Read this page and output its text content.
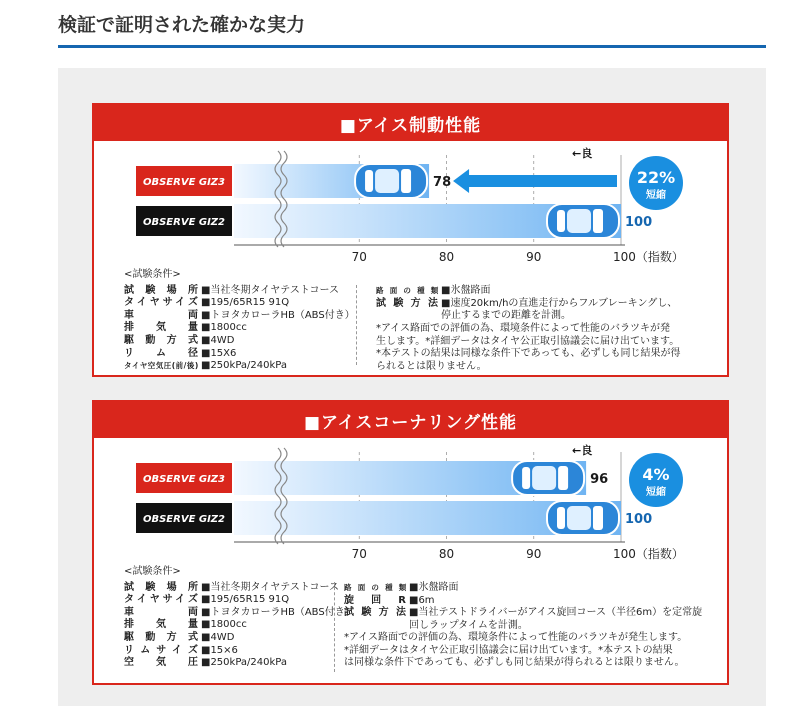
検証で証明された確かな実力
■アイス制動性能
OBSERVE GIZ3
OBSERVE GIZ2
78
100
←良
22%
短縮
70	80	90	100（指数）
<試験条件>
試 験 場 所 ■当社冬期タイヤテストコース
タイヤサイズ ■195/65R15 91Q
車　　両 ■トヨタカローラHB（ABS付き）
排　気　量 ■1800cc
駆 動 方 式 ■4WD
リ　ム　径 ■15X6
タイヤ空気圧(前/後) ■250kPa/240kPa
路 面 の 種 類 ■氷盤路面
試 験 方 法 ■速度20km/hの直進走行からフルブレーキングし、
停止するまでの距離を計測。
*アイス路面での評価の為、環境条件によって性能のバラツキが発
生します。*詳細データはタイヤ公正取引協議会に届け出ています。
*本テストの結果は同様な条件下であっても、必ずしも同じ結果が得
られるとは限りません。
■アイスコーナリング性能
OBSERVE GIZ3
OBSERVE GIZ2
96
100
←良
4%
短縮
70	80	90	100（指数）
<試験条件>
試 験 場 所 ■当社冬期タイヤテストコース
タイヤサイズ ■195/65R15 91Q
車　　両 ■トヨタカローラHB（ABS付き）
排　気　量 ■1800cc
駆 動 方 式 ■4WD
リムサイズ ■15×6
空 気 圧 ■250kPa/240kPa
路 面 の 種 類 ■氷盤路面
旋　回　R ■6m
試 験 方 法 ■当社テストドライバーがアイス旋回コース（半径6m）を定常旋
回しラップタイムを計測。
*アイス路面での評価の為、環境条件によって性能のバラツキが発生します。
*詳細データはタイヤ公正取引協議会に届け出ています。*本テストの結果
は同様な条件下であっても、必ずしも同じ結果が得られるとは限りません。
